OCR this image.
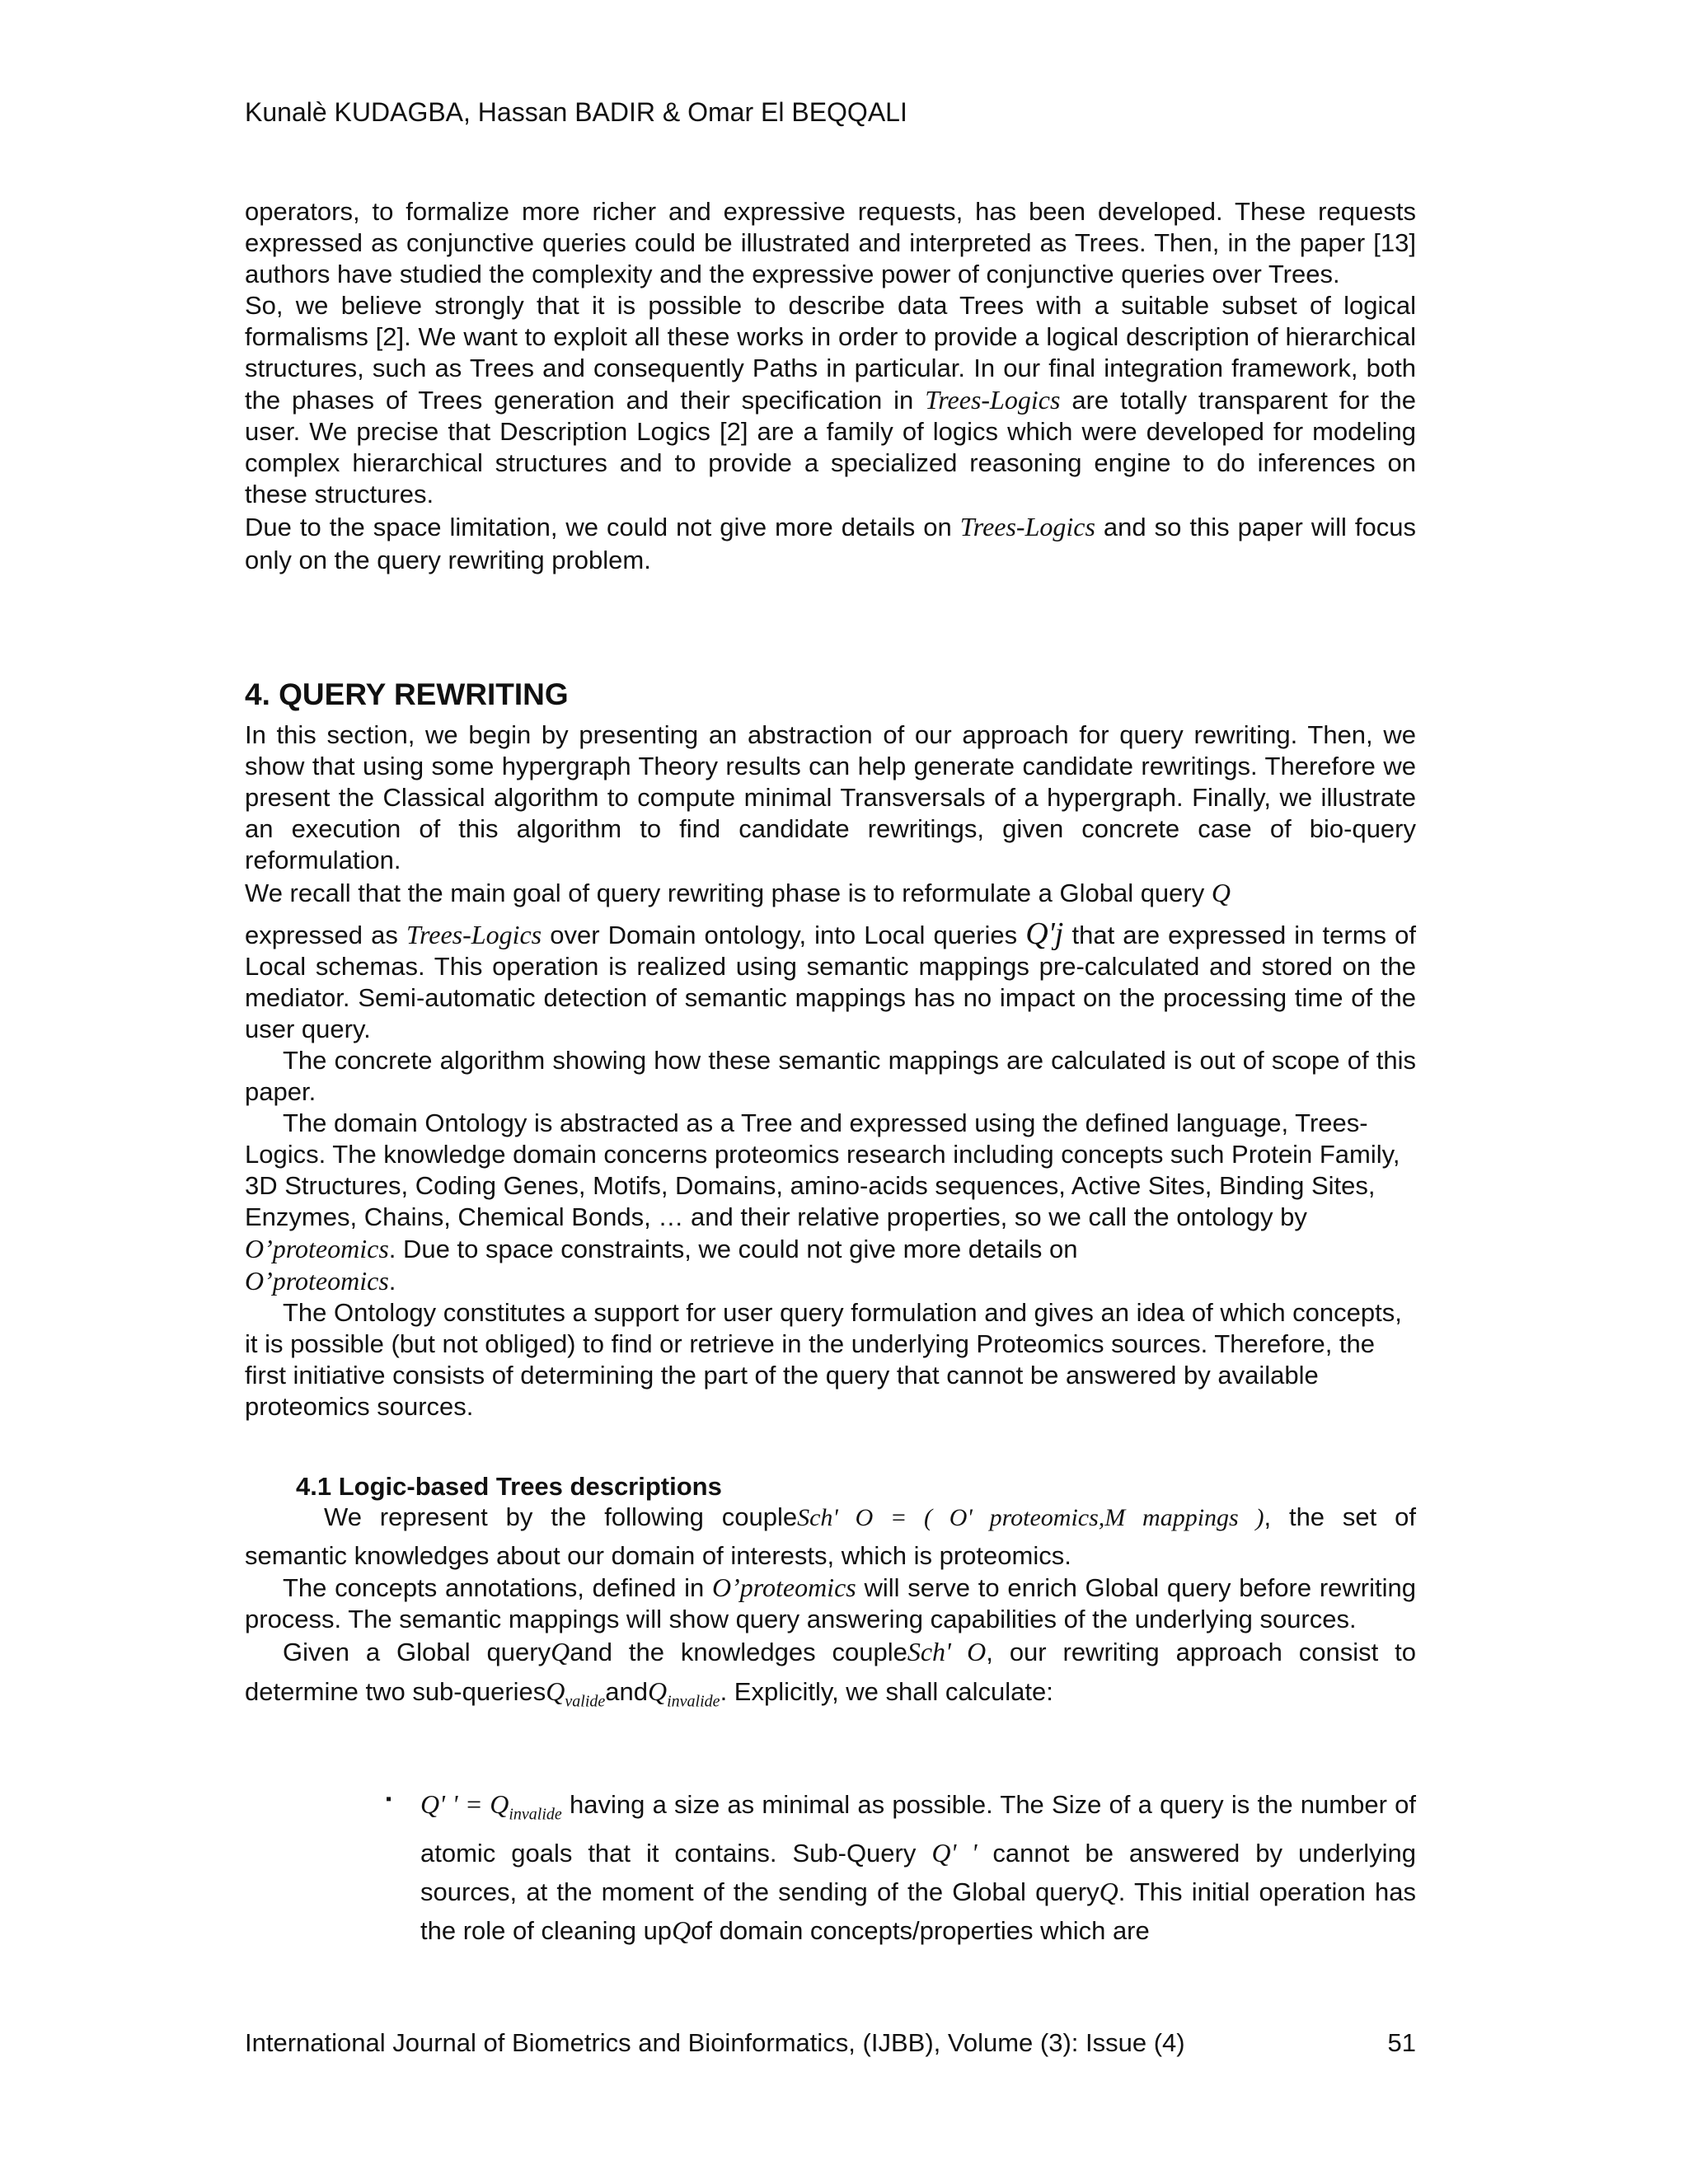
Kunalè KUDAGBA, Hassan BADIR & Omar El BEQQALI

operators, to formalize more richer and expressive requests, has been developed. These requests expressed as conjunctive queries could be illustrated and interpreted as Trees. Then, in the paper [13] authors have studied the complexity and the expressive power of conjunctive queries over Trees.

So, we believe strongly that it is possible to describe data Trees with a suitable subset of logical formalisms [2]. We want to exploit all these works in order to provide a logical description of hierarchical structures, such as Trees and consequently Paths in particular. In our final integration framework, both the phases of Trees generation and their specification in Trees-Logics are totally transparent for the user. We precise that Description Logics [2] are a family of logics which were developed for modeling complex hierarchical structures and to provide a specialized reasoning engine to do inferences on these structures.

Due to the space limitation, we could not give more details on Trees-Logics and so this paper will focus only on the query rewriting problem.

4. QUERY REWRITING

In this section, we begin by presenting an abstraction of our approach for query rewriting. Then, we show that using some hypergraph Theory results can help generate candidate rewritings. Therefore we present the Classical algorithm to compute minimal Transversals of a hypergraph. Finally, we illustrate an execution of this algorithm to find candidate rewritings, given concrete case of bio-query reformulation.

We recall that the main goal of query rewriting phase is to reformulate a Global query Q

expressed as Trees-Logics over Domain ontology, into Local queries Q'j that are expressed in terms of Local schemas. This operation is realized using semantic mappings pre-calculated and stored on the mediator. Semi-automatic detection of semantic mappings has no impact on the processing time of the user query.

The concrete algorithm showing how these semantic mappings are calculated is out of scope of this paper.

The domain Ontology is abstracted as a Tree and expressed using the defined language, Trees-Logics. The knowledge domain concerns proteomics research including concepts such Protein Family, 3D Structures, Coding Genes, Motifs, Domains, amino-acids sequences, Active Sites, Binding Sites, Enzymes, Chains, Chemical Bonds, … and their relative properties, so we call the ontology by O’proteomics. Due to space constraints, we could not give more details on
O’proteomics.

The Ontology constitutes a support for user query formulation and gives an idea of which concepts, it is possible (but not obliged) to find or retrieve in the underlying Proteomics sources. Therefore, the first initiative consists of determining the part of the query that cannot be answered by available proteomics sources.

4.1 Logic-based Trees descriptions

We represent by the following coupleSch' O = ( O' proteomics,M mappings ), the set of

semantic knowledges about our domain of interests, which is proteomics.

The concepts annotations, defined in O’proteomics will serve to enrich Global query before rewriting process. The semantic mappings will show query answering capabilities of the underlying sources.

Given a Global queryQand the knowledges coupleSch' O, our rewriting approach consist to

determine two sub-queriesQ$_{valide}$andQ$_{invalide}$. Explicitly, we shall calculate:

▪ Q' ' = $Q_{invalide}$ having a size as minimal as possible. The Size of a query is the number of atomic goals that it contains. Sub-Query Q' ' cannot be answered by underlying sources, at the moment of the sending of the Global queryQ. This initial operation has the role of cleaning upQof domain concepts/properties which are

International Journal of Biometrics and Bioinformatics, (IJBB), Volume (3): Issue (4)	51
